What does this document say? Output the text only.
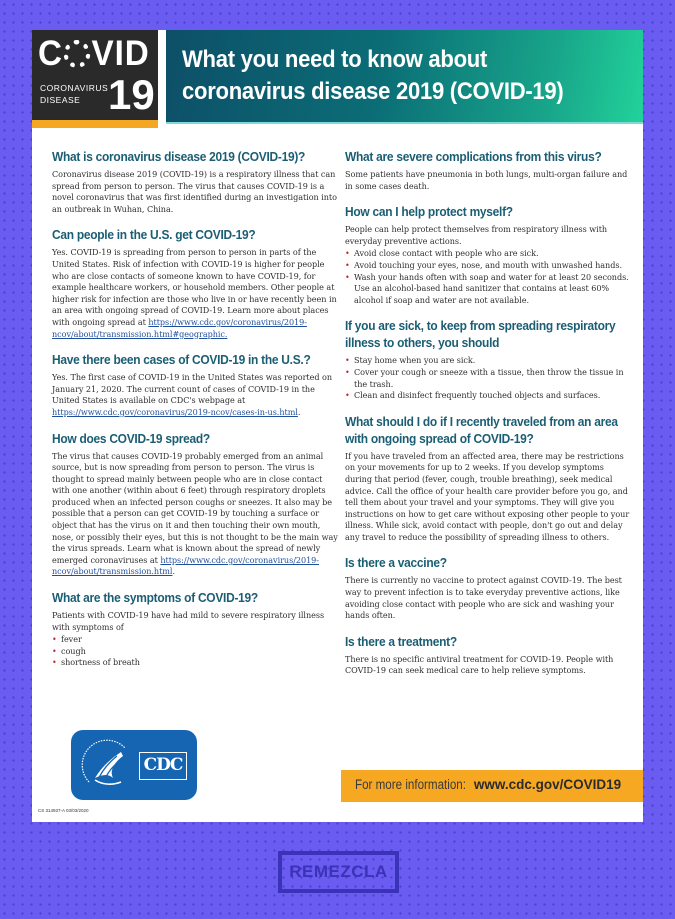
C VID
CORONAVIRUS
DISEASE 19
What you need to know about
coronavirus disease 2019 (COVID-19)
What is coronavirus disease 2019 (COVID-19)?

Coronavirus disease 2019 (COVID-19) is a respiratory illness that can spread from person to person. The virus that causes COVID-19 is a novel coronavirus that was first identified during an investigation into an outbreak in Wuhan, China.

Can people in the U.S. get COVID-19?

Yes. COVID-19 is spreading from person to person in parts of the United States. Risk of infection with COVID-19 is higher for people who are close contacts of someone known to have COVID-19, for example healthcare workers, or household members. Other people at higher risk for infection are those who live in or have recently been in an area with ongoing spread of COVID-19. Learn more about places with ongoing spread at https://www.cdc.gov/coronavirus/2019-ncov/about/transmission.html#geographic.

Have there been cases of COVID-19 in the U.S.?

Yes. The first case of COVID-19 in the United States was reported on January 21, 2020. The current count of cases of COVID-19 in the United States is available on CDC's webpage at https://www.cdc.gov/coronavirus/2019-ncov/cases-in-us.html.

How does COVID-19 spread?

The virus that causes COVID-19 probably emerged from an animal source, but is now spreading from person to person. The virus is thought to spread mainly between people who are in close contact with one another (within about 6 feet) through respiratory droplets produced when an infected person coughs or sneezes. It also may be possible that a person can get COVID-19 by touching a surface or object that has the virus on it and then touching their own mouth, nose, or possibly their eyes, but this is not thought to be the main way the virus spreads. Learn what is known about the spread of newly emerged coronaviruses at https://www.cdc.gov/coronavirus/2019-ncov/about/transmission.html.

What are the symptoms of COVID-19?

Patients with COVID-19 have had mild to severe respiratory illness with symptoms of

• fever
• cough
• shortness of breath
What are severe complications from this virus?

Some patients have pneumonia in both lungs, multi-organ failure and in some cases death.

How can I help protect myself?

People can help protect themselves from respiratory illness with everyday preventive actions.

• Avoid close contact with people who are sick.
• Avoid touching your eyes, nose, and mouth with unwashed hands.
• Wash your hands often with soap and water for at least 20 seconds. Use an alcohol-based hand sanitizer that contains at least 60% alcohol if soap and water are not available.
If you are sick, to keep from spreading respiratory illness to others, you should
• Stay home when you are sick.
• Cover your cough or sneeze with a tissue, then throw the tissue in the trash.
• Clean and disinfect frequently touched objects and surfaces.
What should I do if I recently traveled from an area with ongoing spread of COVID-19?

If you have traveled from an affected area, there may be restrictions on your movements for up to 2 weeks. If you develop symptoms during that period (fever, cough, trouble breathing), seek medical advice. Call the office of your health care provider before you go, and tell them about your travel and your symptoms. They will give you instructions on how to get care without exposing other people to your illness. While sick, avoid contact with people, don't go out and delay any travel to reduce the possibility of spreading illness to others.

Is there a vaccine?

There is currently no vaccine to protect against COVID-19. The best way to prevent infection is to take everyday preventive actions, like avoiding close contact with people who are sick and washing your hands often.

Is there a treatment?

There is no specific antiviral treatment for COVID-19. People with COVID-19 can seek medical care to help relieve symptoms.

CDC
CS 314937-A 03/03/2020
For more information: www.cdc.gov/COVID19
REMEZCLA
